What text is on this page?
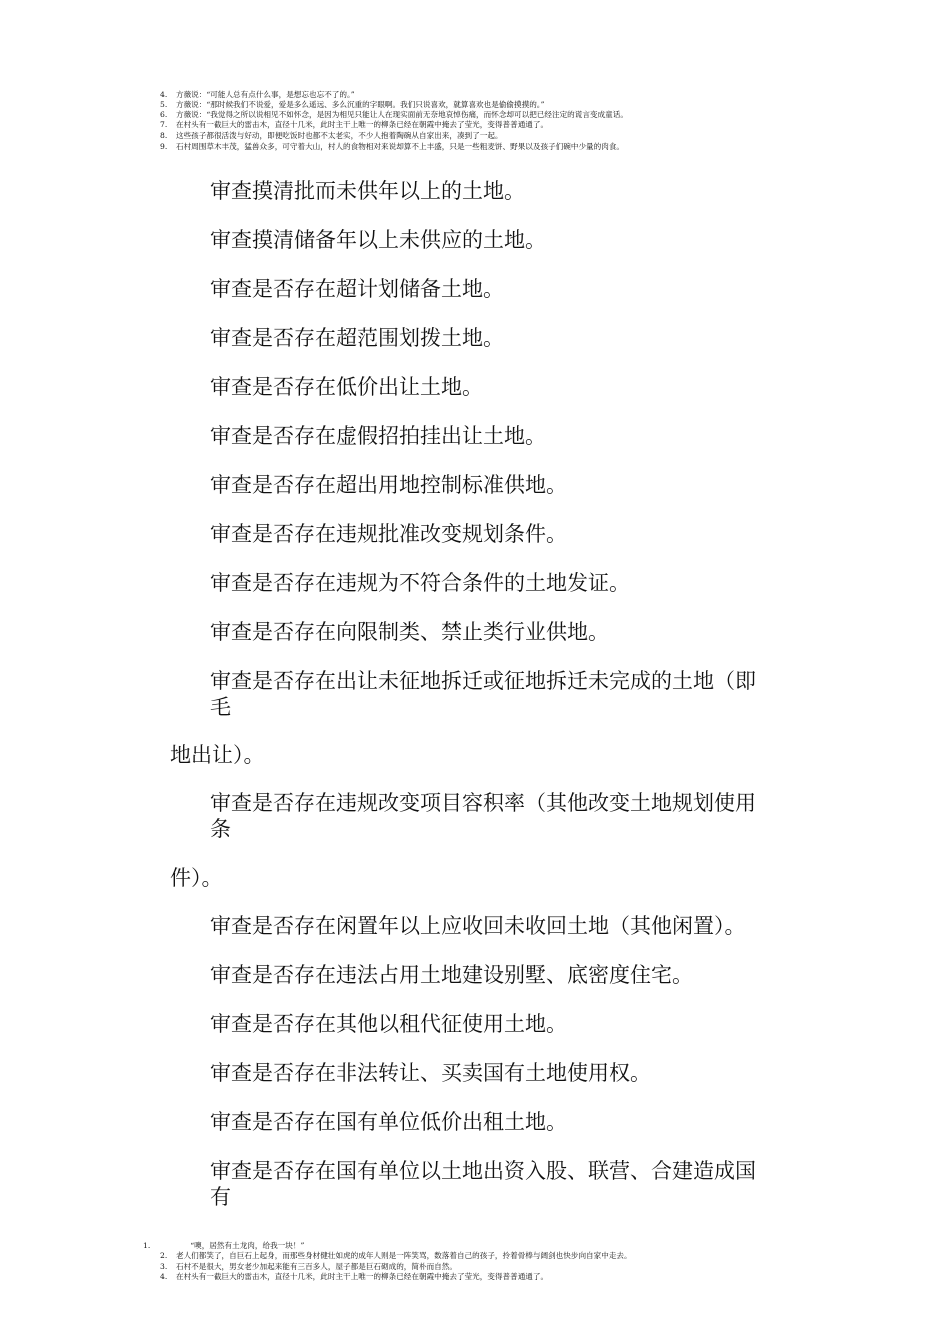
4. 方薇说：“可能人总有点什么事，是想忘也忘不了的。”
5. 方薇说：“那时候我们不说爱，爱是多么遥远、多么沉重的字眼啊。我们只说喜欢，就算喜欢也是偷偷摸摸的。”
6. 方薇说：“我觉得之所以说相见不如怀念，是因为相见只能让人在现实面前无奈地哀悼伤痛，而怀念却可以把已经注定的谎言变成童话。
7. 在村头有一截巨大的雷击木，直径十几米，此时主干上唯一的柳条已经在朝霞中掩去了莹光，变得普普通通了。
8. 这些孩子都很活泼与好动，即便吃饭时也都不太老实，不少人抱着陶碗从自家出来，凑到了一起。
9. 石村周围草木丰茂，猛兽众多，可守着大山，村人的食物相对来说却算不上丰盛，只是一些粗麦饼、野果以及孩子们碗中少量的肉食。
审查摸清批而未供年以上的土地。
审查摸清储备年以上未供应的土地。
审查是否存在超计划储备土地。
审查是否存在超范围划拨土地。
审查是否存在低价出让土地。
审查是否存在虚假招拍挂出让土地。
审查是否存在超出用地控制标准供地。
审查是否存在违规批准改变规划条件。
审查是否存在违规为不符合条件的土地发证。
审查是否存在向限制类、禁止类行业供地。
审查是否存在出让未征地拆迁或征地拆迁未完成的土地（即
毛
地出让）。
审查是否存在违规改变项目容积率（其他改变土地规划使用
条
件）。
审查是否存在闲置年以上应收回未收回土地（其他闲置）。
审查是否存在违法占用土地建设别墅、底密度住宅。
审查是否存在其他以租代征使用土地。
审查是否存在非法转让、买卖国有土地使用权。
审查是否存在国有单位低价出租土地。
审查是否存在国有单位以土地出资入股、联营、合建造成国
有
1.	“噢，居然有土龙肉，给我一块！”
2. 老人们都笑了，自巨石上起身，而那些身材健壮如虎的成年人则是一阵笑骂，数落着自己的孩子，拎着骨棒与阔剑也快步向自家中走去。
3. 石村不是很大，男女老少加起来能有三百多人，屋子都是巨石砌成的，简朴而自然。
4. 在村头有一截巨大的雷击木，直径十几米，此时主干上唯一的柳条已经在朝霞中掩去了莹光，变得普普通通了。
